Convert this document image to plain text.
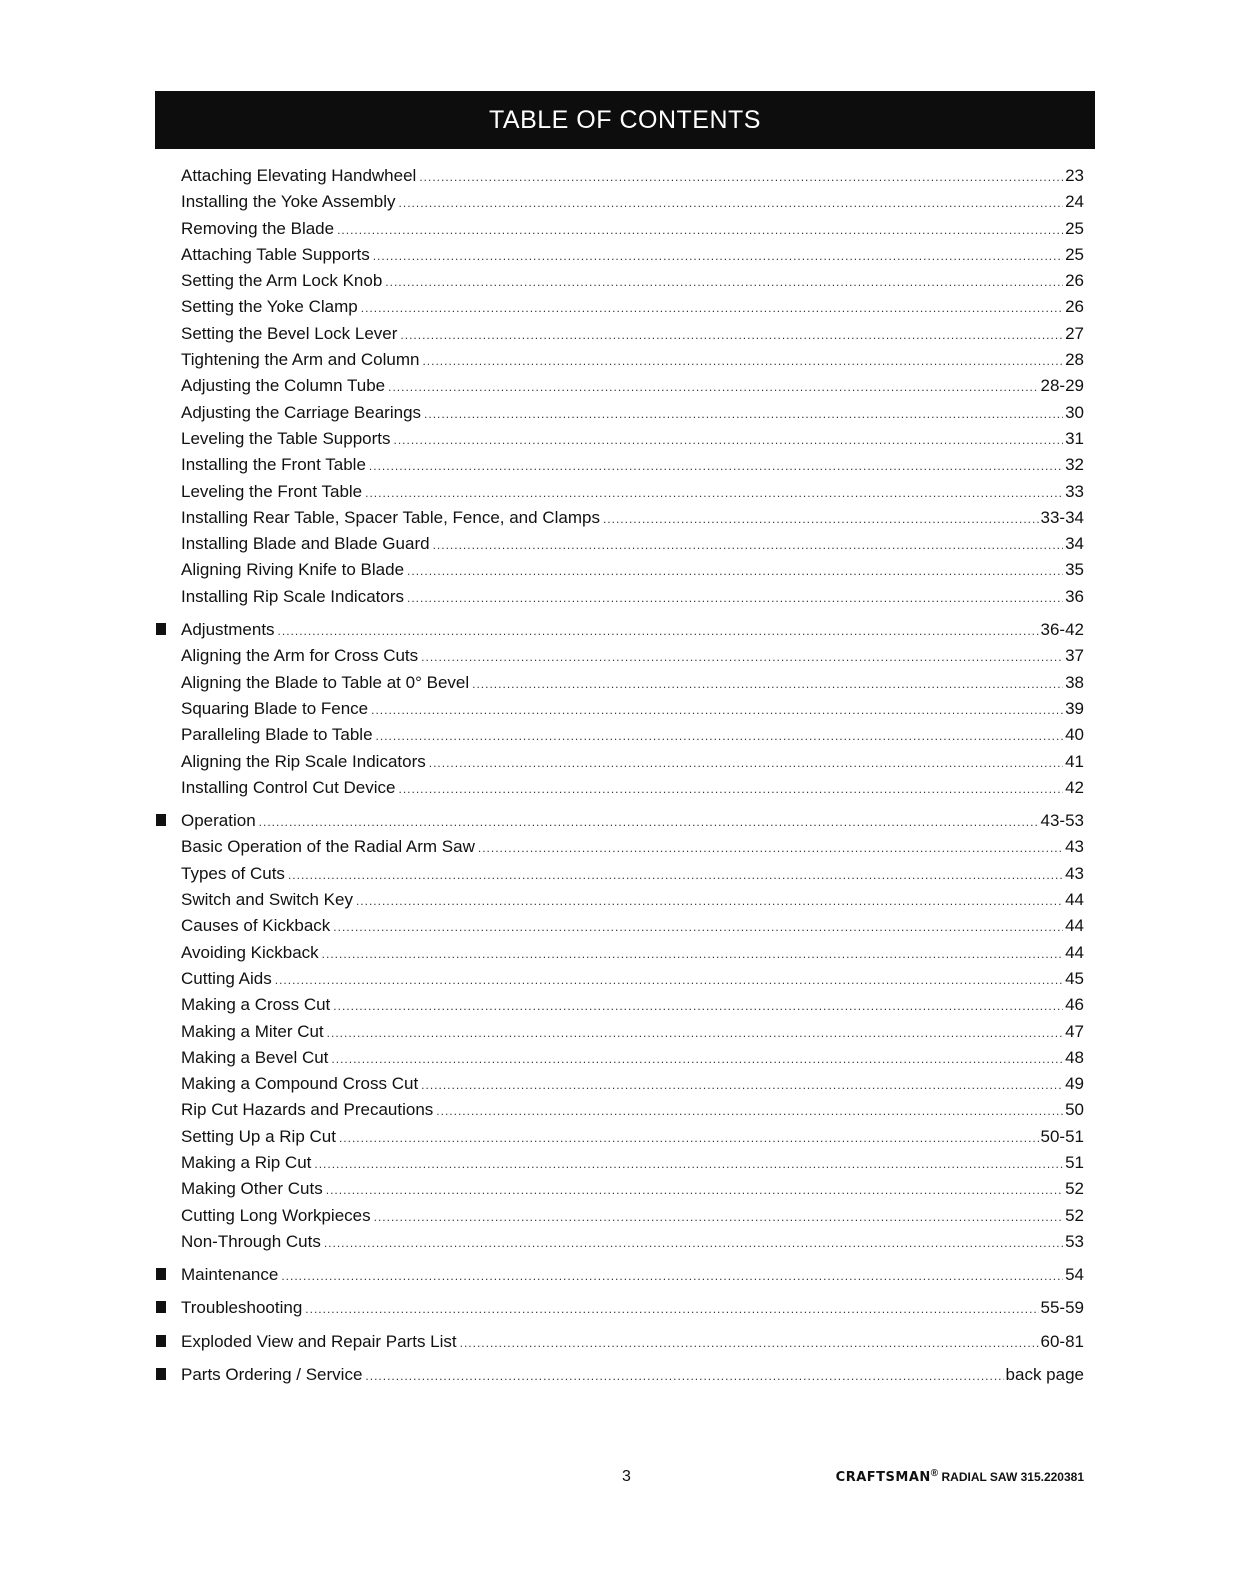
TABLE OF CONTENTS
Attaching Elevating Handwheel .....	23
Installing the Yoke Assembly .....	24
Removing the Blade .....	25
Attaching Table Supports .....	25
Setting the Arm Lock Knob .....	26
Setting the Yoke Clamp .....	26
Setting the Bevel Lock Lever .....	27
Tightening the Arm and Column .....	28
Adjusting the Column Tube .....	28-29
Adjusting the Carriage Bearings .....	30
Leveling the Table Supports .....	31
Installing the Front Table .....	32
Leveling the Front Table .....	33
Installing Rear Table, Spacer Table, Fence, and Clamps .....	33-34
Installing Blade and Blade Guard .....	34
Aligning Riving Knife to Blade .....	35
Installing Rip Scale Indicators .....	36
Adjustments .....	36-42
Aligning the Arm for Cross Cuts .....	37
Aligning the Blade to Table at 0° Bevel .....	38
Squaring Blade to Fence .....	39
Paralleling Blade to Table .....	40
Aligning the Rip Scale Indicators .....	41
Installing Control Cut Device .....	42
Operation .....	43-53
Basic Operation of the Radial Arm Saw .....	43
Types of Cuts .....	43
Switch and Switch Key .....	44
Causes of Kickback .....	44
Avoiding Kickback .....	44
Cutting Aids .....	45
Making a Cross Cut .....	46
Making a Miter Cut .....	47
Making a Bevel Cut .....	48
Making a Compound Cross Cut .....	49
Rip Cut Hazards and Precautions .....	50
Setting Up a Rip Cut .....	50-51
Making a Rip Cut .....	51
Making Other Cuts .....	52
Cutting Long Workpieces .....	52
Non-Through Cuts .....	53
Maintenance .....	54
Troubleshooting .....	55-59
Exploded View and Repair Parts List .....	60-81
Parts Ordering / Service .....	back page
3	CRAFTSMAN® RADIAL SAW 315.220381
